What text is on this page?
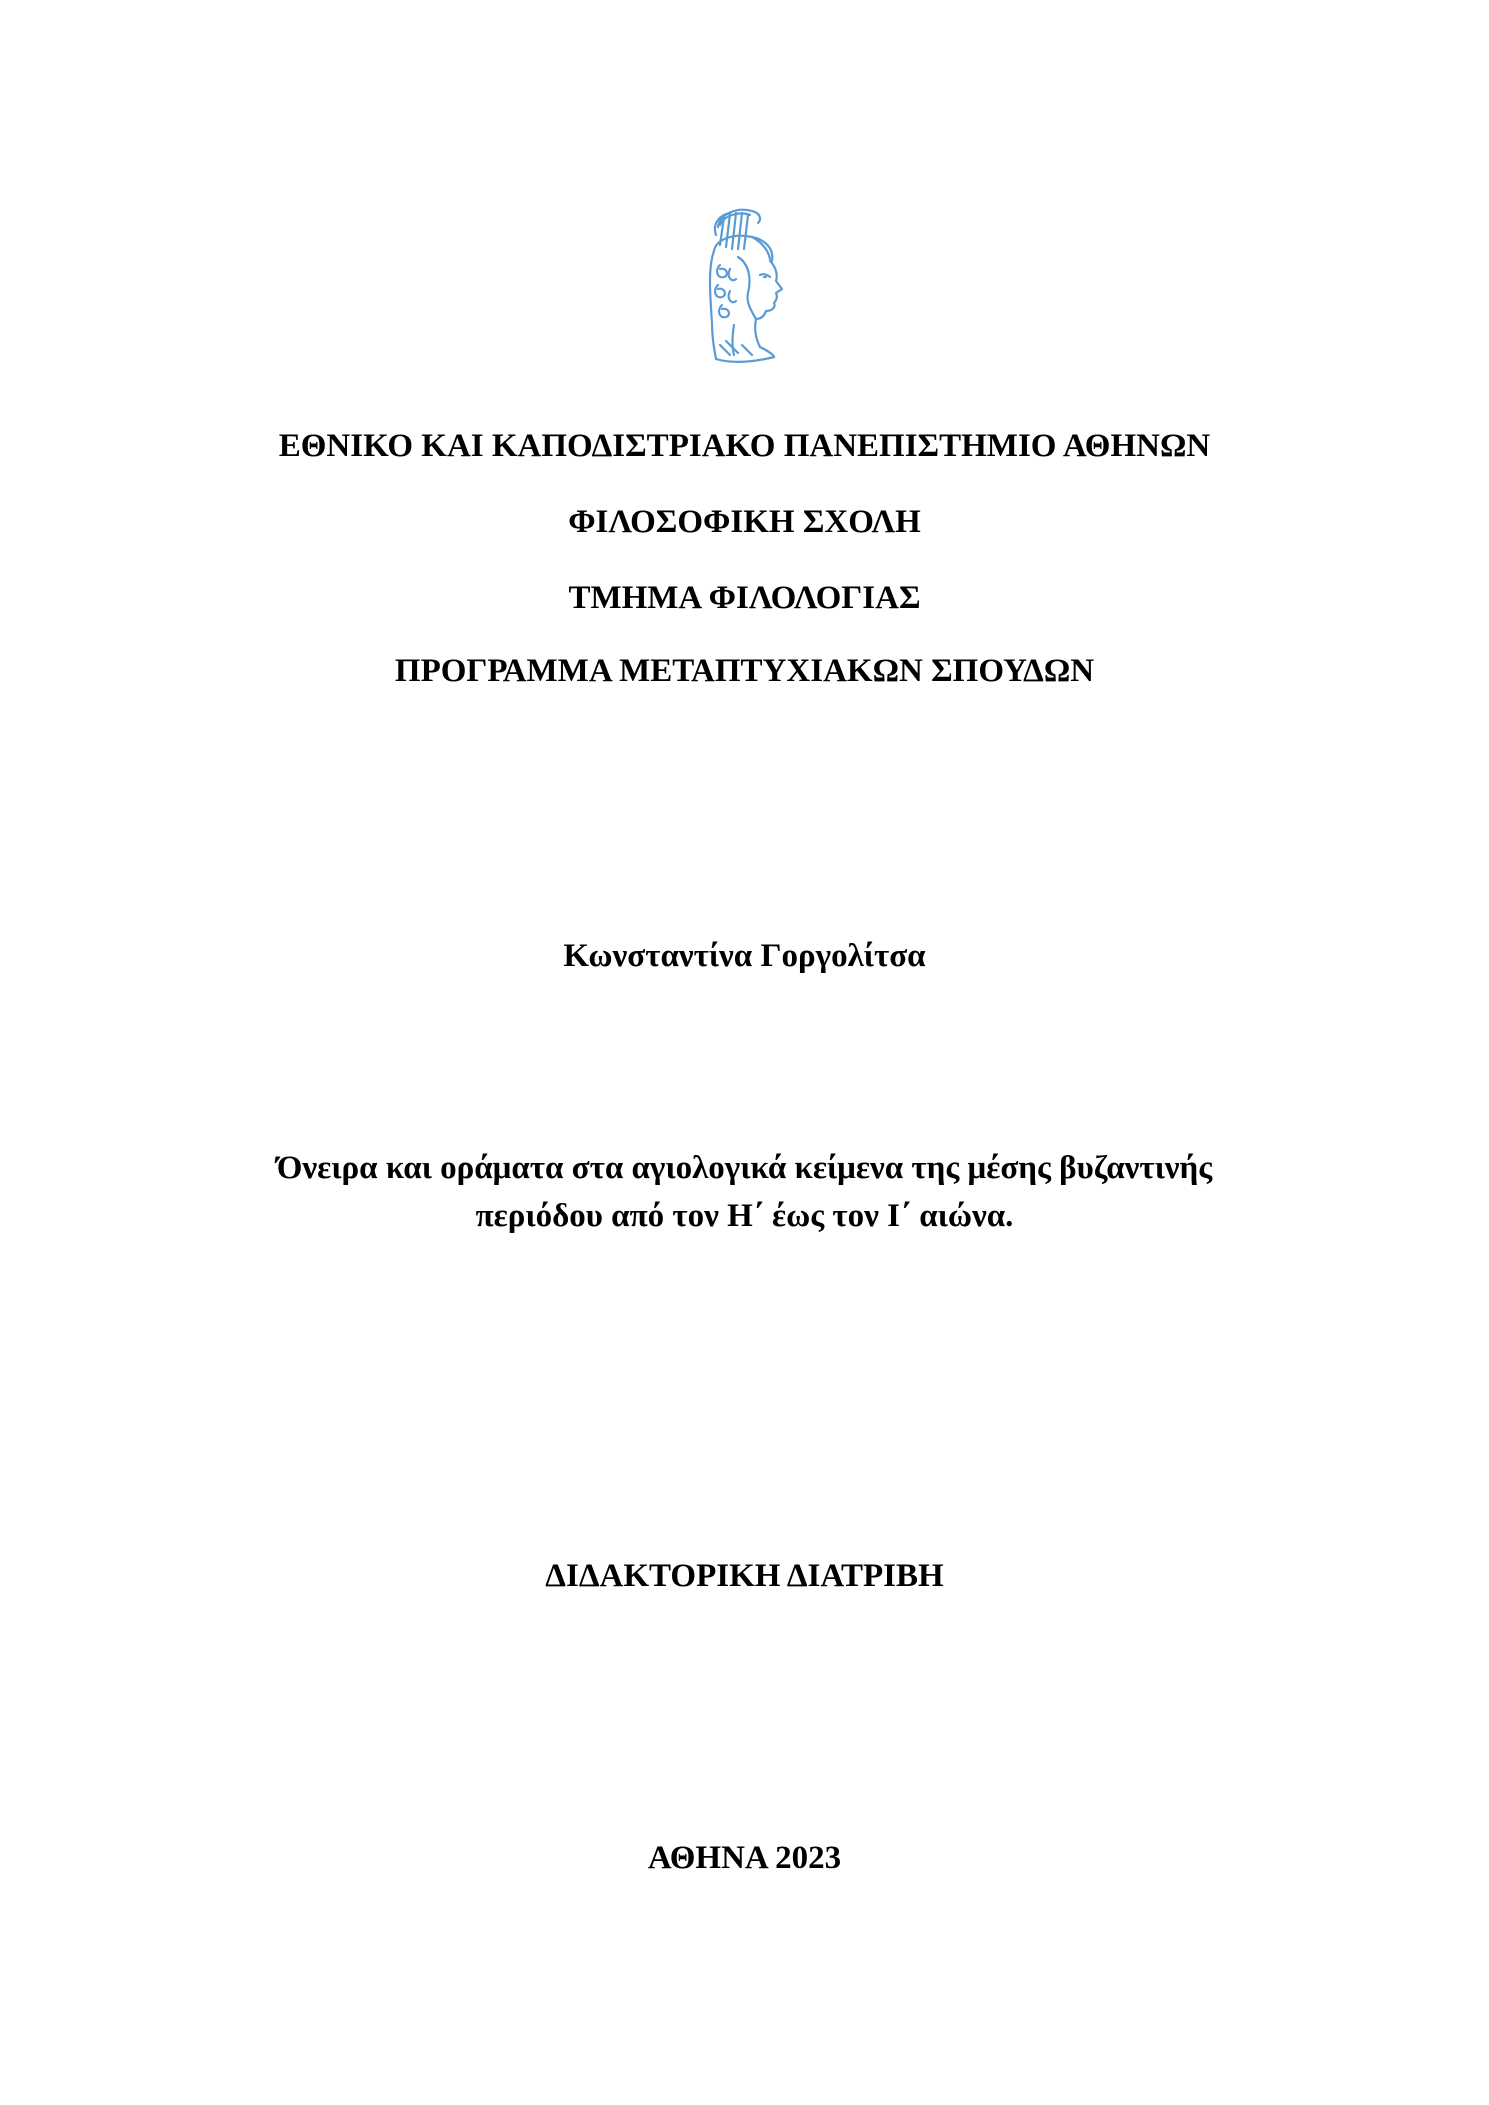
ΕΘΝΙΚΟ ΚΑΙ ΚΑΠΟΔΙΣΤΡΙΑΚΟ ΠΑΝΕΠΙΣΤΗΜΙΟ ΑΘΗΝΩΝ
ΦΙΛΟΣΟΦΙΚΗ ΣΧΟΛΗ
ΤΜΗΜΑ ΦΙΛΟΛΟΓΙΑΣ
ΠΡΟΓΡΑΜΜΑ ΜΕΤΑΠΤΥΧΙΑΚΩΝ ΣΠΟΥΔΩΝ
Κωνσταντίνα Γοργολίτσα
Όνειρα και οράματα στα αγιολογικά κείμενα της μέσης βυζαντινής
περιόδου από τον Η΄ έως τον Ι΄ αιώνα.
ΔΙΔΑΚΤΟΡΙΚΗ ΔΙΑΤΡΙΒΗ
ΑΘΗΝΑ 2023
